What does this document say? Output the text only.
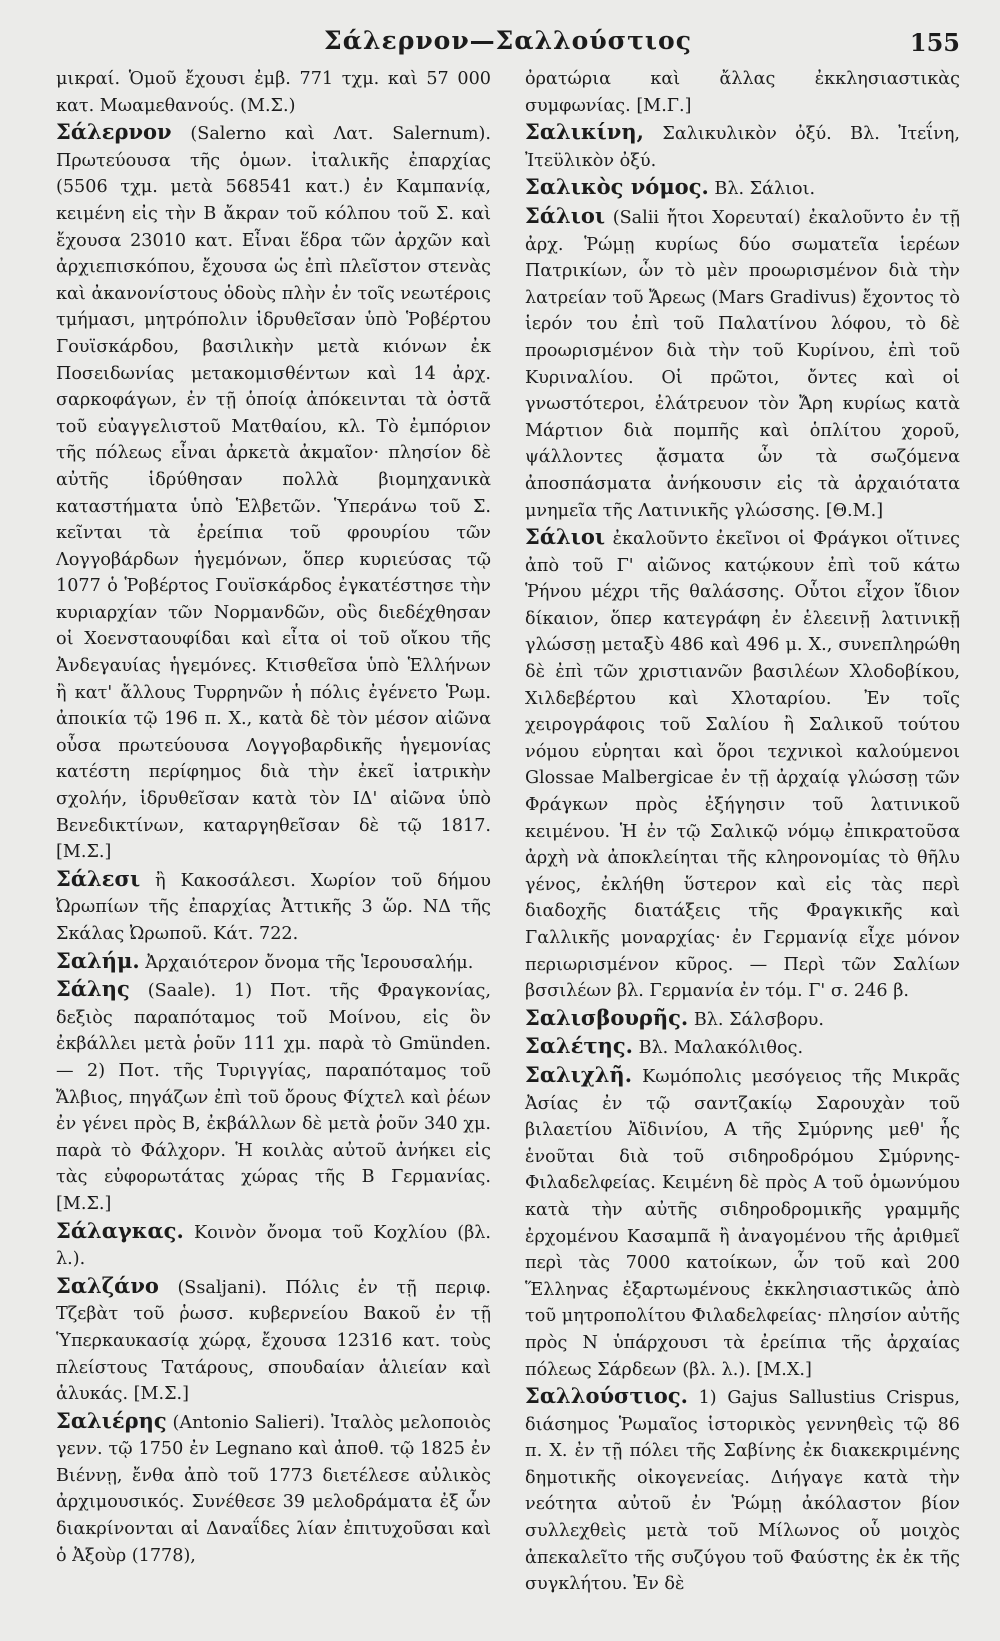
Σάλερνον—Σαλλούστιος	155

μικραί. Ὁμοῦ ἔχουσι ἐμβ. 771 τχμ. καὶ 57 000 κατ. Μωαμεθανούς. (Μ.Σ.)

Σάλερνον (Salerno καὶ Λατ. Salernum). Πρωτεύουσα τῆς ὁμων. ἰταλικῆς ἐπαρχίας (5506 τχμ. μετὰ 568541 κατ.) ἐν Καμπανίᾳ, κειμένη εἰς τὴν Β ἄκραν τοῦ κόλπου τοῦ Σ. καὶ ἔχουσα 23010 κατ. Εἶναι ἕδρα τῶν ἀρχῶν καὶ ἀρχιεπισκόπου, ἔχουσα ὡς ἐπὶ πλεῖστον στενὰς καὶ ἀκανονίστους ὁδοὺς πλὴν ἐν τοῖς νεωτέροις τμήμασι, μητρόπολιν ἱδρυθεῖσαν ὑπὸ Ῥοβέρτου Γουϊσκάρδου, βασιλικὴν μετὰ κιόνων ἐκ Ποσειδωνίας μετακομισθέντων καὶ 14 ἀρχ. σαρκοφάγων, ἐν τῇ ὁποίᾳ ἀπόκεινται τὰ ὀστᾶ τοῦ εὐαγγελιστοῦ Ματθαίου, κλ. Τὸ ἐμπόριον τῆς πόλεως εἶναι ἀρκετὰ ἀκμαῖον· πλησίον δὲ αὐτῆς ἱδρύθησαν πολλὰ βιομηχανικὰ καταστήματα ὑπὸ Ἑλβετῶν. Ὑπεράνω τοῦ Σ. κεῖνται τὰ ἐρείπια τοῦ φρουρίου τῶν Λογγοβάρδων ἡγεμόνων, ὅπερ κυριεύσας τῷ 1077 ὁ Ῥοβέρτος Γουϊσκάρδος ἐγκατέστησε τὴν κυριαρχίαν τῶν Νορμανδῶν, οὓς διεδέχθησαν οἱ Χοενσταουφίδαι καὶ εἶτα οἱ τοῦ οἴκου τῆς Ἀνδεγαυίας ἡγεμόνες. Κτισθεῖσα ὑπὸ Ἑλλήνων ἢ κατ' ἄλλους Τυρρηνῶν ἡ πόλις ἐγένετο Ῥωμ. ἀποικία τῷ 196 π. Χ., κατὰ δὲ τὸν μέσον αἰῶνα οὖσα πρωτεύουσα Λογγοβαρδικῆς ἡγεμονίας κατέστη περίφημος διὰ τὴν ἐκεῖ ἰατρικὴν σχολήν, ἱδρυθεῖσαν κατὰ τὸν ΙΔ' αἰῶνα ὑπὸ Βενεδικτίνων, καταργηθεῖσαν δὲ τῷ 1817. [Μ.Σ.]

Σάλεσι ἢ Κακοσάλεσι. Χωρίον τοῦ δήμου Ὠρωπίων τῆς ἐπαρχίας Ἀττικῆς 3 ὥρ. ΝΔ τῆς Σκάλας Ὠρωποῦ. Κάτ. 722.

Σαλήμ. Ἀρχαιότερον ὄνομα τῆς Ἱερουσαλήμ.

Σάλης (Saale). 1) Ποτ. τῆς Φραγκονίας, δεξιὸς παραπόταμος τοῦ Μοίνου, εἰς ὃν ἐκβάλλει μετὰ ῥοῦν 111 χμ. παρὰ τὸ Gmünden. — 2) Ποτ. τῆς Τυριγγίας, παραπόταμος τοῦ Ἄλβιος, πηγάζων ἐπὶ τοῦ ὄρους Φίχτελ καὶ ῥέων ἐν γένει πρὸς Β, ἐκβάλλων δὲ μετὰ ῥοῦν 340 χμ. παρὰ τὸ Φάλχορν. Ἡ κοιλὰς αὐτοῦ ἀνήκει εἰς τὰς εὐφορωτάτας χώρας τῆς Β Γερμανίας. [Μ.Σ.]

Σάλαγκας. Κοινὸν ὄνομα τοῦ Κοχλίου (βλ. λ.).

Σαλζάνο (Ssaljani). Πόλις ἐν τῇ περιφ. Τζεβὰτ τοῦ ῥωσσ. κυβερνείου Βακοῦ ἐν τῇ Ὑπερκαυκασίᾳ χώρᾳ, ἔχουσα 12316 κατ. τοὺς πλείστους Τατάρους, σπουδαίαν ἁλιείαν καὶ ἁλυκάς. [Μ.Σ.]

Σαλιέρης (Antonio Salieri). Ἰταλὸς μελοποιὸς γενν. τῷ 1750 ἐν Legnano καὶ ἀποθ. τῷ 1825 ἐν Βιέννῃ, ἔνθα ἀπὸ τοῦ 1773 διετέλεσε αὐλικὸς ἀρχιμουσικός. Συνέθεσε 39 μελοδράματα ἐξ ὧν διακρίνονται αἱ Δαναΐδες λίαν ἐπιτυχοῦσαι καὶ ὁ Ἀξοὺρ (1778),

ὀρατώρια καὶ ἄλλας ἐκκλησιαστικὰς συμφωνίας. [Μ.Γ.]

Σαλικίνη, Σαλικυλικὸν ὀξύ. Βλ. Ἰτεΐνη, Ἰτεϋλικὸν ὀξύ.

Σαλικὸς νόμος. Βλ. Σάλιοι.

Σάλιοι (Salii ἤτοι Χορευταί) ἐκαλοῦντο ἐν τῇ ἀρχ. Ῥώμῃ κυρίως δύο σωματεῖα ἱερέων Πατρικίων, ὧν τὸ μὲν προωρισμένον διὰ τὴν λατρείαν τοῦ Ἄρεως (Mars Gradivus) ἔχοντος τὸ ἱερόν του ἐπὶ τοῦ Παλατίνου λόφου, τὸ δὲ προωρισμένον διὰ τὴν τοῦ Κυρίνου, ἐπὶ τοῦ Κυριναλίου. Οἱ πρῶτοι, ὄντες καὶ οἱ γνωστότεροι, ἐλάτρευον τὸν Ἄρη κυρίως κατὰ Μάρτιον διὰ πομπῆς καὶ ὁπλίτου χοροῦ, ψάλλοντες ᾄσματα ὧν τὰ σωζόμενα ἀποσπάσματα ἀνήκουσιν εἰς τὰ ἀρχαιότατα μνημεῖα τῆς Λατινικῆς γλώσσης. [Θ.Μ.]

Σάλιοι ἐκαλοῦντο ἐκεῖνοι οἱ Φράγκοι οἵτινες ἀπὸ τοῦ Γ' αἰῶνος κατῴκουν ἐπὶ τοῦ κάτω Ῥήνου μέχρι τῆς θαλάσσης. Οὗτοι εἶχον ἴδιον δίκαιον, ὅπερ κατεγράφη ἐν ἑλεεινῇ λατινικῇ γλώσσῃ μεταξὺ 486 καὶ 496 μ. Χ., συνεπληρώθη δὲ ἐπὶ τῶν χριστιανῶν βασιλέων Χλοδοβίκου, Χιλδεβέρτου καὶ Χλοταρίου. Ἐν τοῖς χειρογράφοις τοῦ Σαλίου ἢ Σαλικοῦ τούτου νόμου εὑρηται καὶ ὅροι τεχνικοὶ καλούμενοι Glossae Malbergicae ἐν τῇ ἀρχαίᾳ γλώσσῃ τῶν Φράγκων πρὸς ἐξήγησιν τοῦ λατινικοῦ κειμένου. Ἡ ἐν τῷ Σαλικῷ νόμῳ ἐπικρατοῦσα ἀρχὴ νὰ ἀποκλείηται τῆς κληρονομίας τὸ θῆλυ γένος, ἐκλήθη ὕστερον καὶ εἰς τὰς περὶ διαδοχῆς διατάξεις τῆς Φραγκικῆς καὶ Γαλλικῆς μοναρχίας· ἐν Γερμανίᾳ εἶχε μόνον περιωρισμένον κῦρος. — Περὶ τῶν Σαλίων βσσιλέων βλ. Γερμανία ἐν τόμ. Γ' σ. 246 β.

Σαλισβουρῆς. Βλ. Σάλσβορυ.

Σαλέτης. Βλ. Μαλακόλιθος.

Σαλιχλῆ. Κωμόπολις μεσόγειος τῆς Μικρᾶς Ἀσίας ἐν τῷ σαντζακίῳ Σαρουχὰν τοῦ βιλαετίου Ἀϊδινίου, Α τῆς Σμύρνης μεθ' ἧς ἑνοῦται διὰ τοῦ σιδηροδρόμου Σμύρνης-Φιλαδελφείας. Κειμένη δὲ πρὸς Α τοῦ ὁμωνύμου κατὰ τὴν αὐτῆς σιδηροδρομικῆς γραμμῆς ἐρχομένου Κασαμπᾶ ἢ ἀναγομένου τῆς ἀριθμεῖ περὶ τὰς 7000 κατοίκων, ὧν τοῦ καὶ 200 Ἕλληνας ἐξαρτωμένους ἐκκλησιαστικῶς ἀπὸ τοῦ μητροπολίτου Φιλαδελφείας· πλησίον αὐτῆς πρὸς Ν ὑπάρχουσι τὰ ἐρείπια τῆς ἀρχαίας πόλεως Σάρδεων (βλ. λ.). [Μ.Χ.]

Σαλλούστιος. 1) Gajus Sallustius Crispus, διάσημος Ῥωμαῖος ἱστορικὸς γεννηθεὶς τῷ 86 π. Χ. ἐν τῇ πόλει τῆς Σαβίνης ἐκ διακεκριμένης δημοτικῆς οἰκογενείας. Διήγαγε κατὰ τὴν νεότητα αὐτοῦ ἐν Ῥώμῃ ἀκόλαστον βίον συλλεχθεὶς μετὰ τοῦ Μίλωνος οὗ μοιχὸς ἀπεκαλεῖτο τῆς συζύγου τοῦ Φαύστης ἐκ ἐκ τῆς συγκλήτου. Ἐν δὲ
